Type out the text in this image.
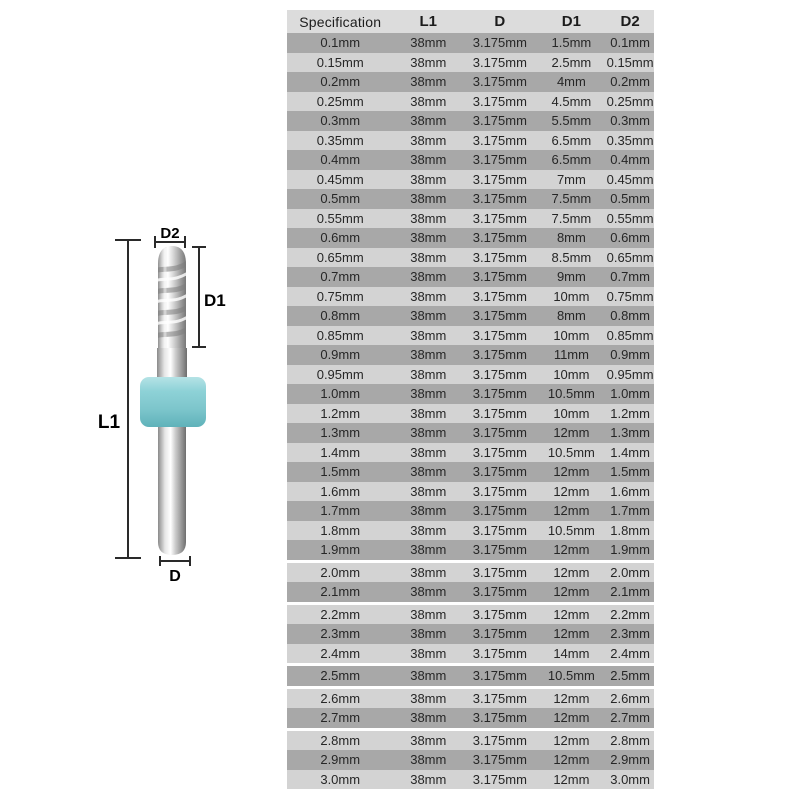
D2
D1
L1
D
Specification	L1	D	D1	D2
0.1mm	38mm	3.175mm	1.5mm	0.1mm
0.15mm	38mm	3.175mm	2.5mm	0.15mm
0.2mm	38mm	3.175mm	4mm	0.2mm
0.25mm	38mm	3.175mm	4.5mm	0.25mm
0.3mm	38mm	3.175mm	5.5mm	0.3mm
0.35mm	38mm	3.175mm	6.5mm	0.35mm
0.4mm	38mm	3.175mm	6.5mm	0.4mm
0.45mm	38mm	3.175mm	7mm	0.45mm
0.5mm	38mm	3.175mm	7.5mm	0.5mm
0.55mm	38mm	3.175mm	7.5mm	0.55mm
0.6mm	38mm	3.175mm	8mm	0.6mm
0.65mm	38mm	3.175mm	8.5mm	0.65mm
0.7mm	38mm	3.175mm	9mm	0.7mm
0.75mm	38mm	3.175mm	10mm	0.75mm
0.8mm	38mm	3.175mm	8mm	0.8mm
0.85mm	38mm	3.175mm	10mm	0.85mm
0.9mm	38mm	3.175mm	11mm	0.9mm
0.95mm	38mm	3.175mm	10mm	0.95mm
1.0mm	38mm	3.175mm	10.5mm	1.0mm
1.2mm	38mm	3.175mm	10mm	1.2mm
1.3mm	38mm	3.175mm	12mm	1.3mm
1.4mm	38mm	3.175mm	10.5mm	1.4mm
1.5mm	38mm	3.175mm	12mm	1.5mm
1.6mm	38mm	3.175mm	12mm	1.6mm
1.7mm	38mm	3.175mm	12mm	1.7mm
1.8mm	38mm	3.175mm	10.5mm	1.8mm
1.9mm	38mm	3.175mm	12mm	1.9mm
2.0mm	38mm	3.175mm	12mm	2.0mm
2.1mm	38mm	3.175mm	12mm	2.1mm
2.2mm	38mm	3.175mm	12mm	2.2mm
2.3mm	38mm	3.175mm	12mm	2.3mm
2.4mm	38mm	3.175mm	14mm	2.4mm
2.5mm	38mm	3.175mm	10.5mm	2.5mm
2.6mm	38mm	3.175mm	12mm	2.6mm
2.7mm	38mm	3.175mm	12mm	2.7mm
2.8mm	38mm	3.175mm	12mm	2.8mm
2.9mm	38mm	3.175mm	12mm	2.9mm
3.0mm	38mm	3.175mm	12mm	3.0mm
